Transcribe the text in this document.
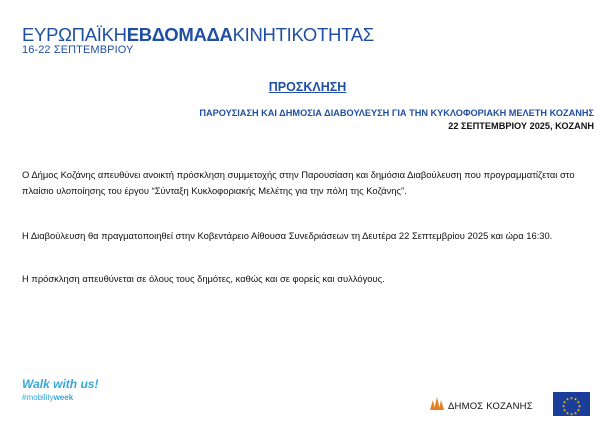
ΕΥΡΩΠΑΪΚΗΕΒΔΟΜΑΔΑΚΙΝΗΤΙΚΟΤΗΤΑΣ
16-22 ΣΕΠΤΕΜΒΡΙΟΥ
ΠΡΟΣΚΛΗΣΗ
ΠΑΡΟΥΣΙΑΣΗ ΚΑΙ ΔΗΜΟΣΙΑ ΔΙΑΒΟΥΛΕΥΣΗ ΓΙΑ ΤΗΝ ΚΥΚΛΟΦΟΡΙΑΚΗ ΜΕΛΕΤΗ ΚΟΖΑΝΗΣ
22 ΣΕΠΤΕΜΒΡΙΟΥ 2025, ΚΟΖΑΝΗ
Ο Δήμος Κοζάνης απευθύνει ανοικτή πρόσκληση συμμετοχής στην Παρουσίαση και δημόσια Διαβούλευση που προγραμματίζεται στο πλαίσιο υλοποίησης του έργου “Σύνταξη Κυκλοφοριακής Μελέτης για την πόλη της Κοζάνης”.
Η Διαβούλευση θα πραγματοποιηθεί στην Κοβεντάρειο Αίθουσα Συνεδριάσεων τη Δευτέρα 22 Σεπτεμβρίου 2025 και ώρα 16:30.
Η πρόσκληση απευθύνεται σε όλους τους δημότες, καθώς και σε φορείς και συλλόγους.
Walk with us!
#mobilityweek
ΔΗΜΟΣ ΚΟΖΑΝΗΣ
★ ★
★
★
★
★
★
★
★
★
★
★
